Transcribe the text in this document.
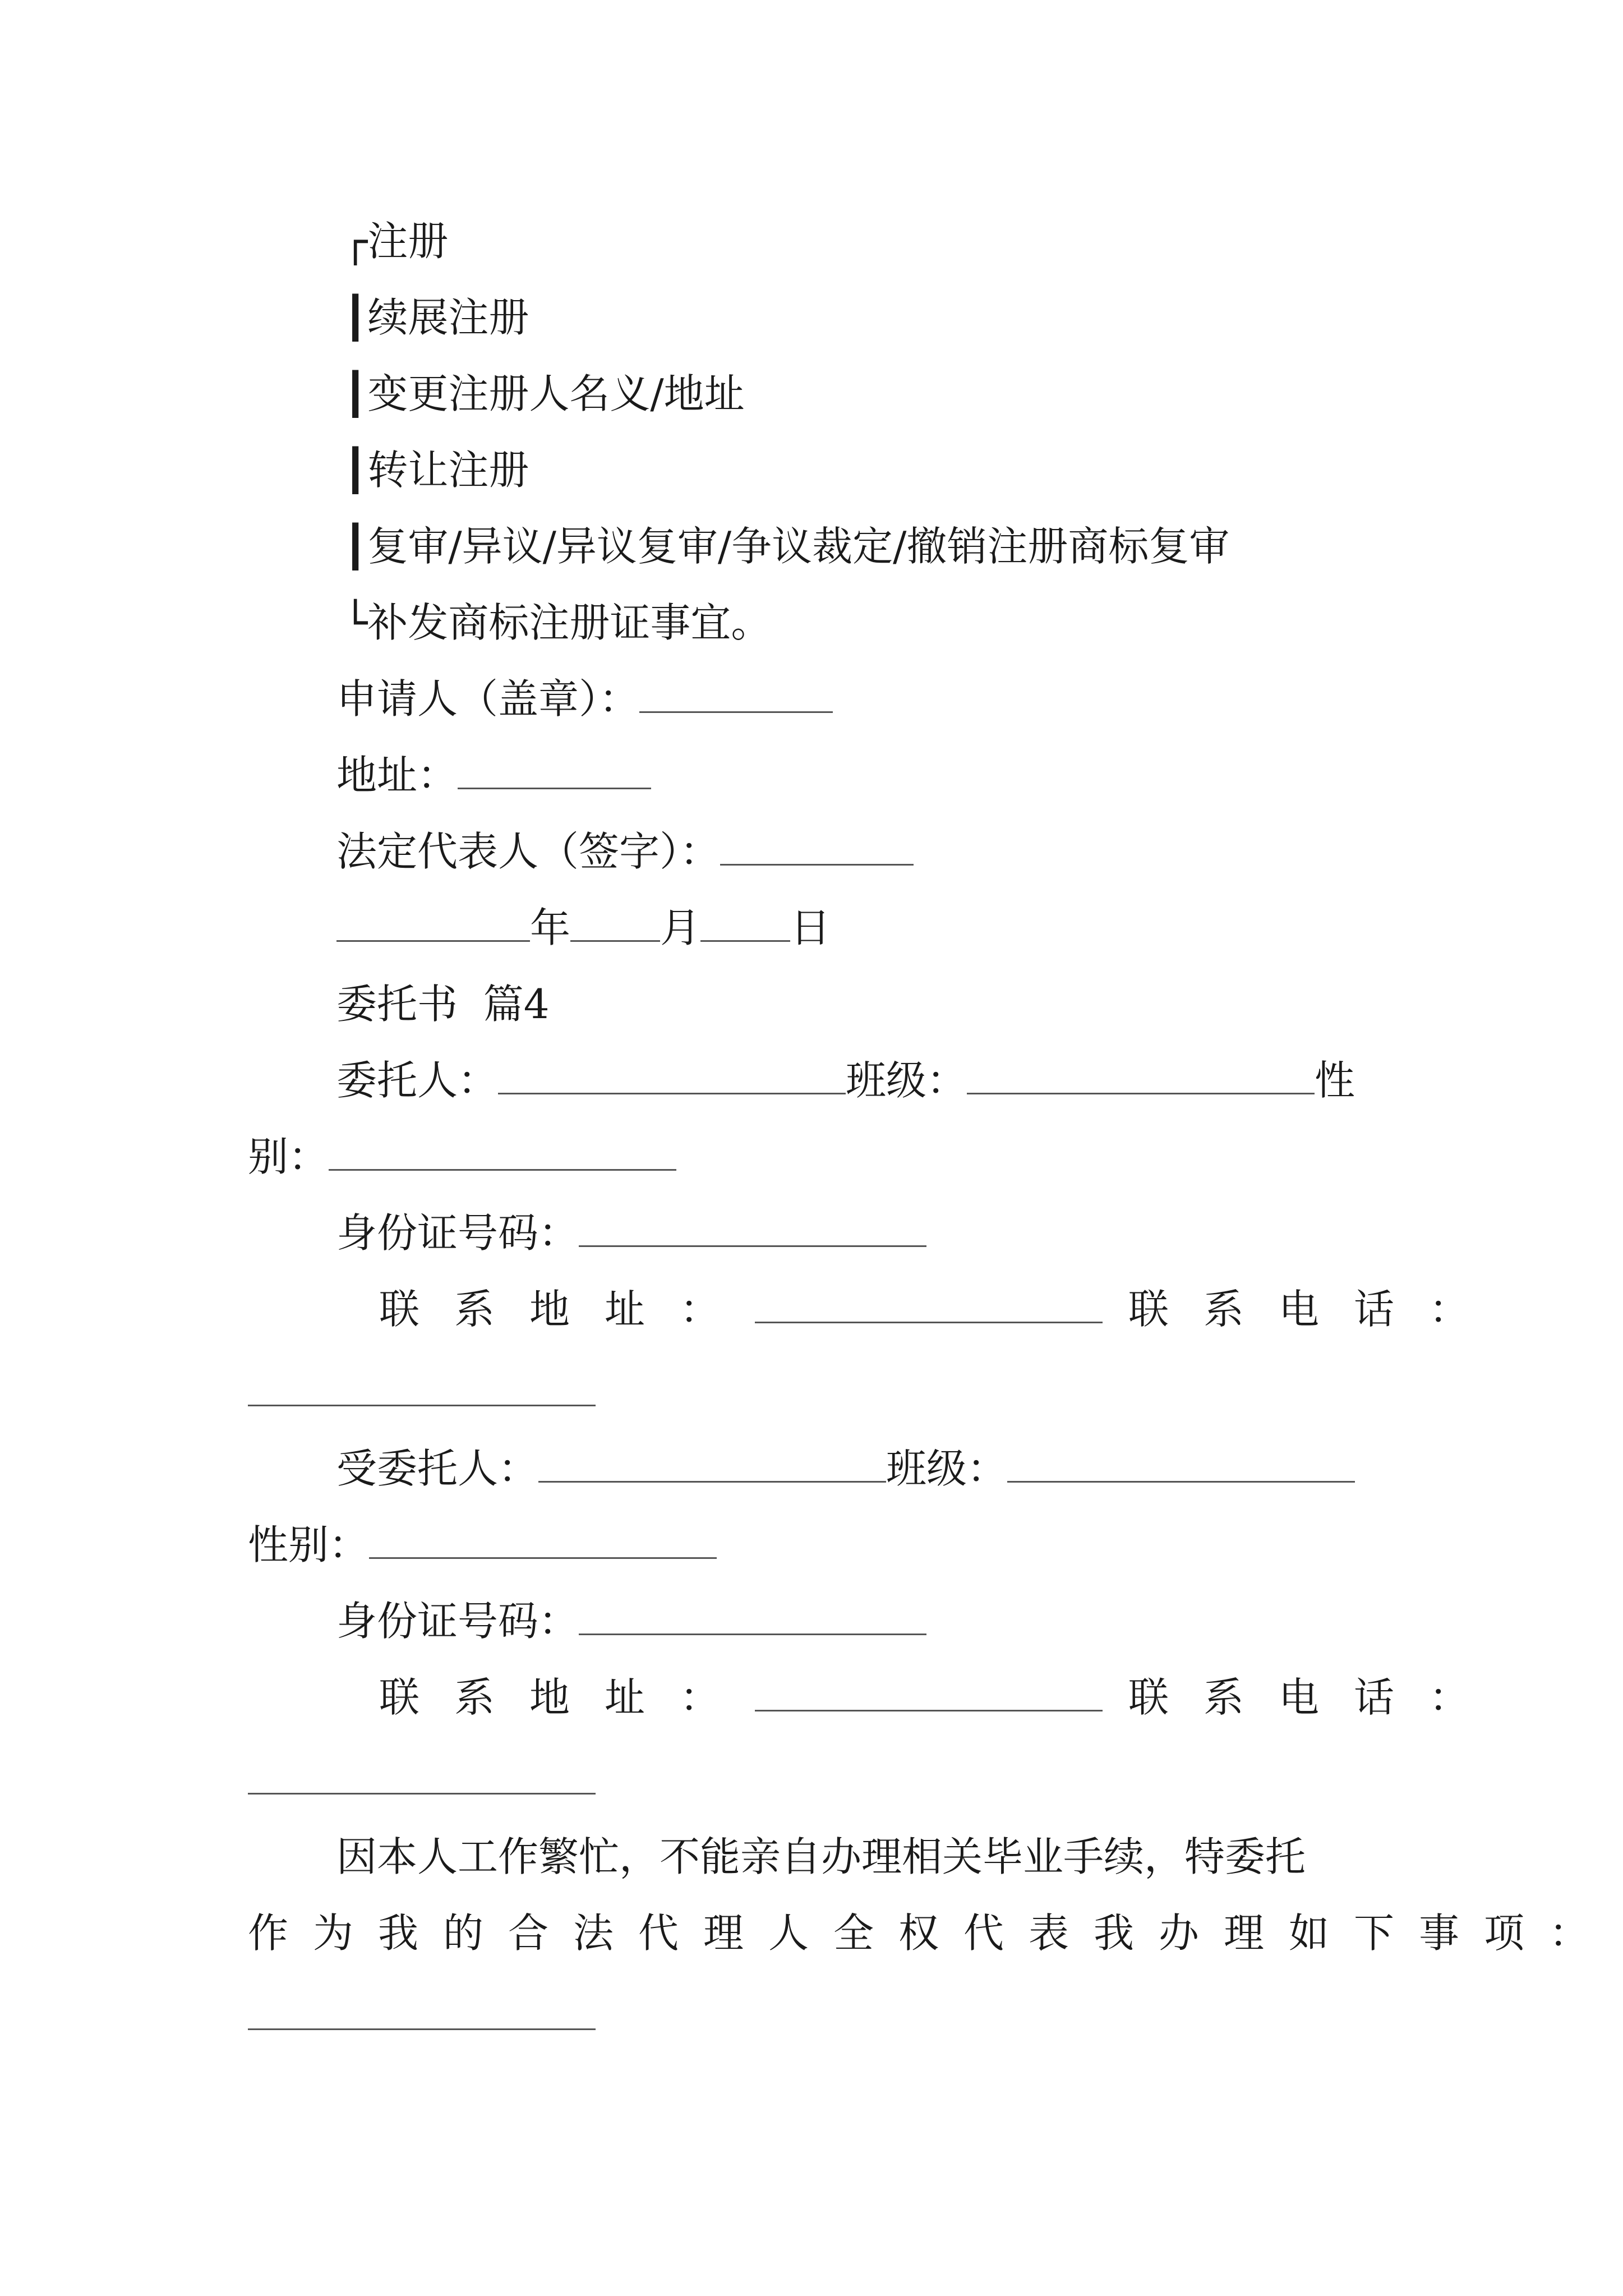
┌注册
┃续展注册
┃变更注册人名义/地址
┃转让注册
┃复审/异议/异议复审/争议裁定/撤销注册商标复审
└补发商标注册证事宜。
申请人（盖章）：
地址：
法定代表人（签字）：
年 月 日
委托书  篇4
委托人：	班级：	性
别：
身份证号码：
联系地址：	联系电话：
受委托人：	班级：
性别：
身份证号码：
联系地址：	联系电话：
因本人工作繁忙，不能亲自办理相关毕业手续，特委托
作为我的合法代理人全权代表我办理如下事项：
